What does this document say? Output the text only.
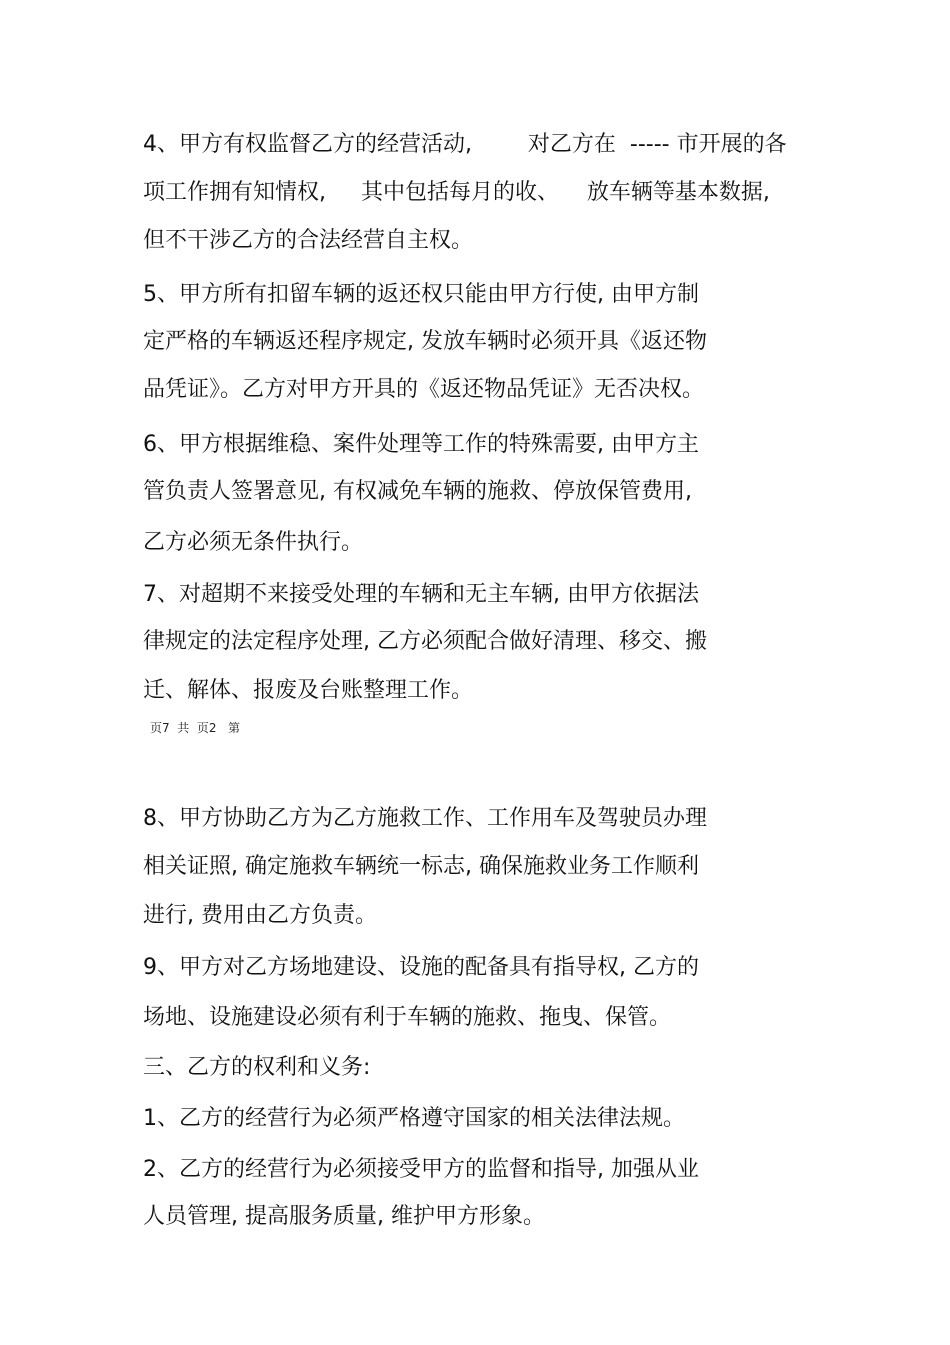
4、甲方有权监督乙方的经营活动,        对乙方在  ----- 市开展的各

项工作拥有知情权,     其中包括每月的收、    放车辆等基本数据,

但不干涉乙方的合法经营自主权。

5、甲方所有扣留车辆的返还权只能由甲方行使, 由甲方制

定严格的车辆返还程序规定, 发放车辆时必须开具《返还物

品凭证》。乙方对甲方开具的《返还物品凭证》无否决权。

6、甲方根据维稳、案件处理等工作的特殊需要, 由甲方主

管负责人签署意见, 有权减免车辆的施救、停放保管费用,

乙方必须无条件执行。

7、对超期不来接受处理的车辆和无主车辆, 由甲方依据法

律规定的法定程序处理, 乙方必须配合做好清理、移交、搬

迁、解体、报废及台账整理工作。

页7  共  页2   第

8、甲方协助乙方为乙方施救工作、工作用车及驾驶员办理

相关证照, 确定施救车辆统一标志, 确保施救业务工作顺利

进行, 费用由乙方负责。

9、甲方对乙方场地建设、设施的配备具有指导权, 乙方的

场地、设施建设必须有利于车辆的施救、拖曳、保管。

三、乙方的权利和义务:

1、乙方的经营行为必须严格遵守国家的相关法律法规。

2、乙方的经营行为必须接受甲方的监督和指导, 加强从业

人员管理, 提高服务质量, 维护甲方形象。
